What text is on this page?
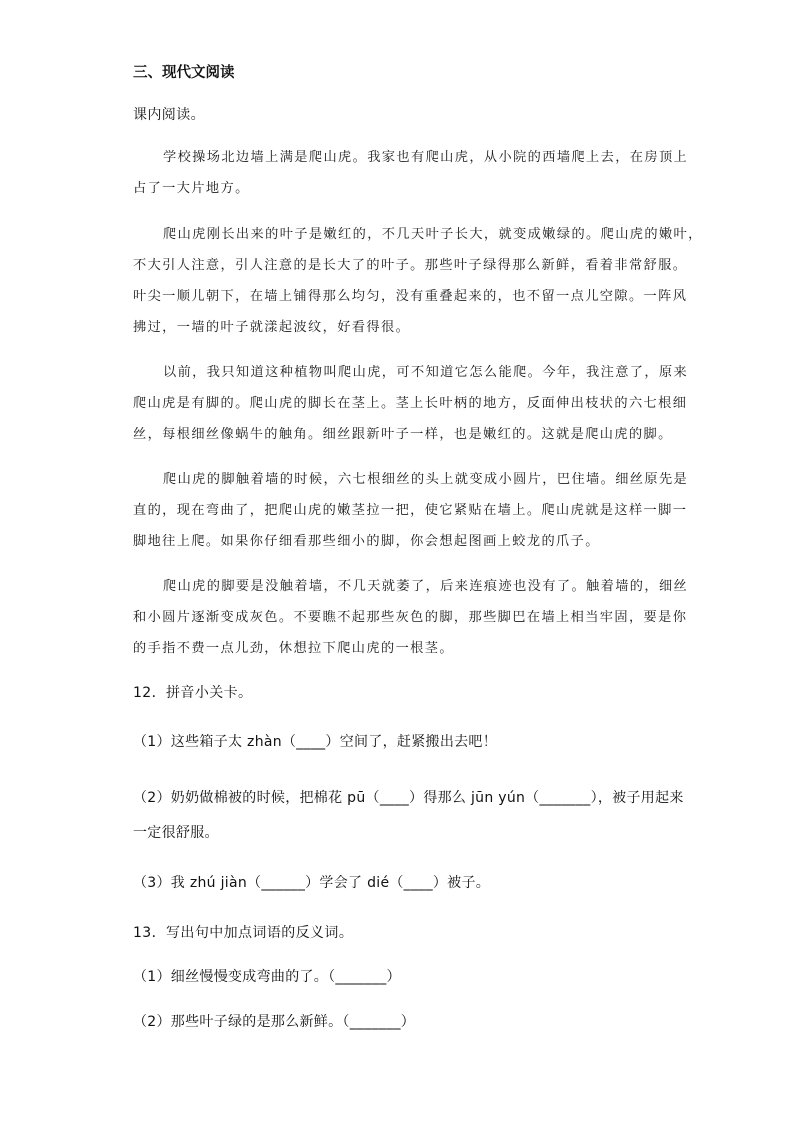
三、现代文阅读
课内阅读。
学校操场北边墙上满是爬山虎。我家也有爬山虎，从小院的西墙爬上去，在房顶上
占了一大片地方。
爬山虎刚长出来的叶子是嫩红的，不几天叶子长大，就变成嫩绿的。爬山虎的嫩叶，
不大引人注意，引人注意的是长大了的叶子。那些叶子绿得那么新鲜，看着非常舒服。
叶尖一顺儿朝下，在墙上铺得那么均匀，没有重叠起来的，也不留一点儿空隙。一阵风
拂过，一墙的叶子就漾起波纹，好看得很。
以前，我只知道这种植物叫爬山虎，可不知道它怎么能爬。今年，我注意了，原来
爬山虎是有脚的。爬山虎的脚长在茎上。茎上长叶柄的地方，反面伸出枝状的六七根细
丝，每根细丝像蜗牛的触角。细丝跟新叶子一样，也是嫩红的。这就是爬山虎的脚。
爬山虎的脚触着墙的时候，六七根细丝的头上就变成小圆片，巴住墙。细丝原先是
直的，现在弯曲了，把爬山虎的嫩茎拉一把，使它紧贴在墙上。爬山虎就是这样一脚一
脚地往上爬。如果你仔细看那些细小的脚，你会想起图画上蛟龙的爪子。
爬山虎的脚要是没触着墙，不几天就萎了，后来连痕迹也没有了。触着墙的，细丝
和小圆片逐渐变成灰色。不要瞧不起那些灰色的脚，那些脚巴在墙上相当牢固，要是你
的手指不费一点儿劲，休想拉下爬山虎的一根茎。
12．拼音小关卡。
（1）这些箱子太 zhàn（____）空间了，赶紧搬出去吧！
（2）奶奶做棉被的时候，把棉花 pū（____）得那么 jūn yún（_______），被子用起来
一定很舒服。
（3）我 zhú jiàn（______）学会了 dié（____）被子。
13．写出句中加点词语的反义词。
（1）细丝慢慢变成弯曲的了。（_______）
（2）那些叶子绿的是那么新鲜。（_______）
